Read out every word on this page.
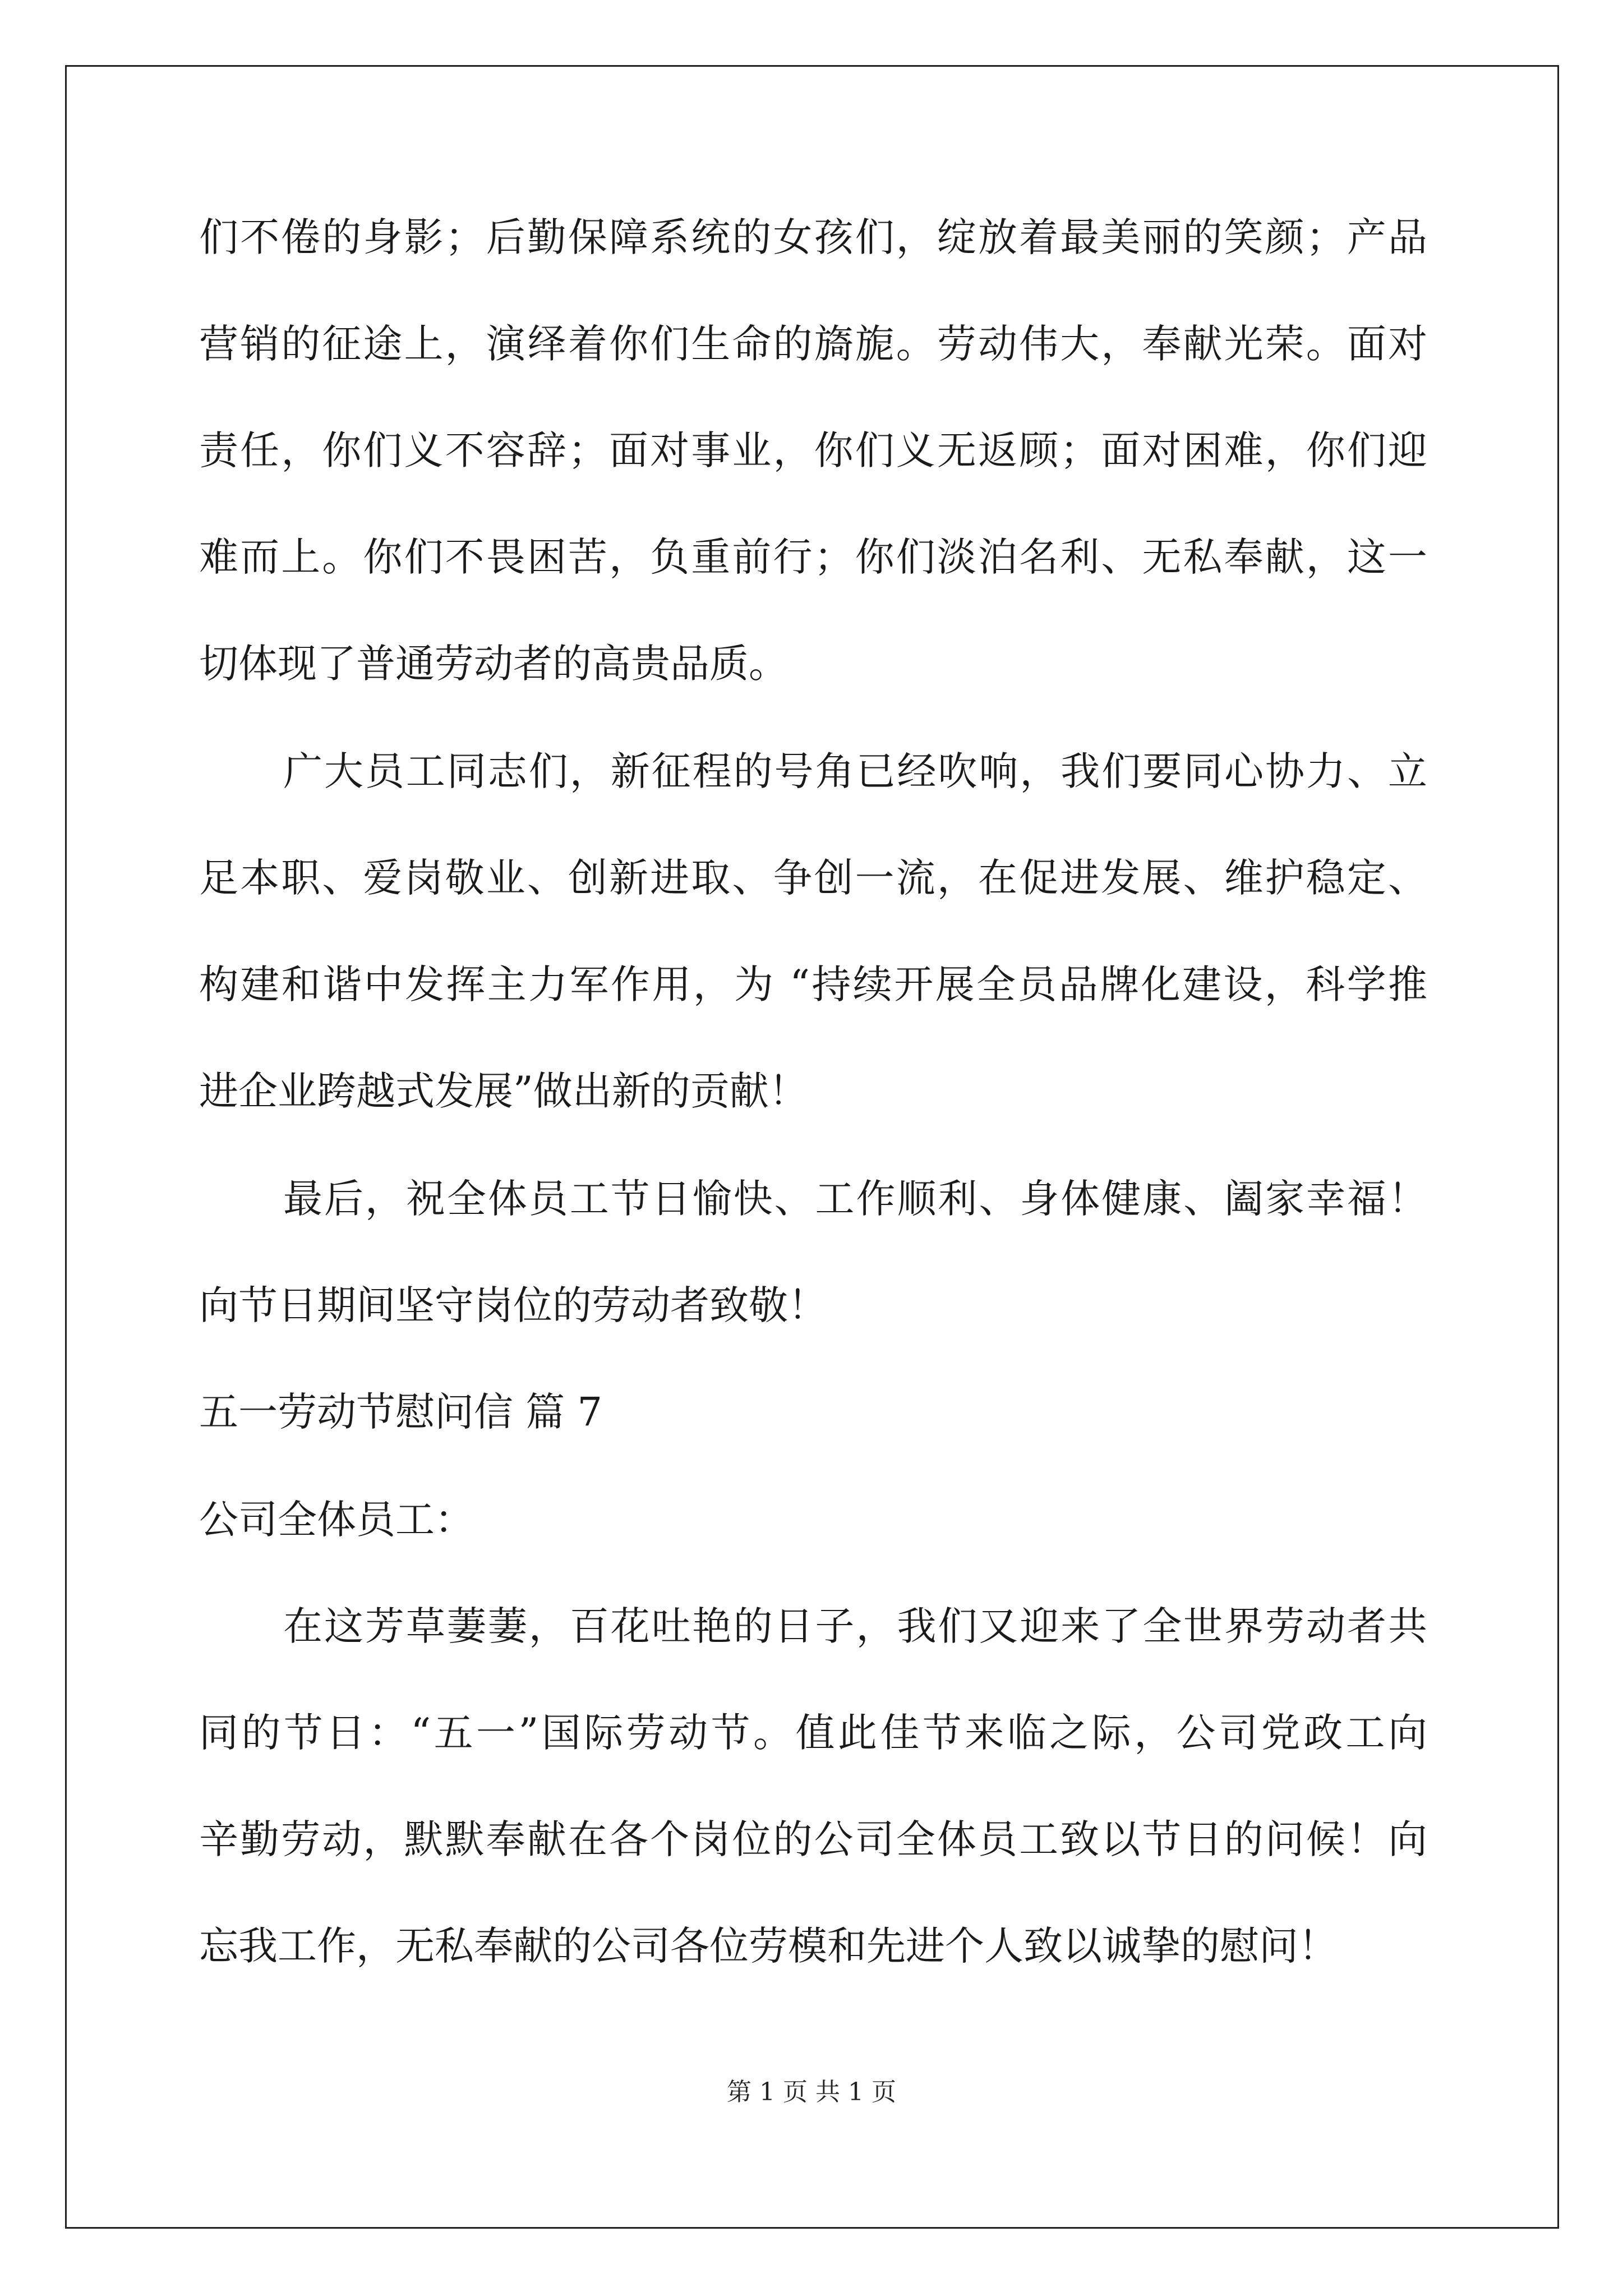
们不倦的身影；后勤保障系统的女孩们，绽放着最美丽的笑颜；产品
营销的征途上，演绎着你们生命的旖旎。劳动伟大，奉献光荣。面对
责任，你们义不容辞；面对事业，你们义无返顾；面对困难，你们迎
难而上。你们不畏困苦，负重前行；你们淡泊名利、无私奉献，这一
切体现了普通劳动者的高贵品质。
广大员工同志们，新征程的号角已经吹响，我们要同心协力、立
足本职、爱岗敬业、创新进取、争创一流，在促进发展、维护稳定、
构建和谐中发挥主力军作用，为 “持续开展全员品牌化建设，科学推
进企业跨越式发展”做出新的贡献！
最后，祝全体员工节日愉快、工作顺利、身体健康、阖家幸福！
向节日期间坚守岗位的劳动者致敬！
五一劳动节慰问信 篇 7
公司全体员工：
在这芳草萋萋，百花吐艳的日子，我们又迎来了全世界劳动者共
同的节日：“五一”国际劳动节。值此佳节来临之际，公司党政工向
辛勤劳动，默默奉献在各个岗位的公司全体员工致以节日的问候！向
忘我工作，无私奉献的公司各位劳模和先进个人致以诚挚的慰问！
第 1 页 共 1 页
